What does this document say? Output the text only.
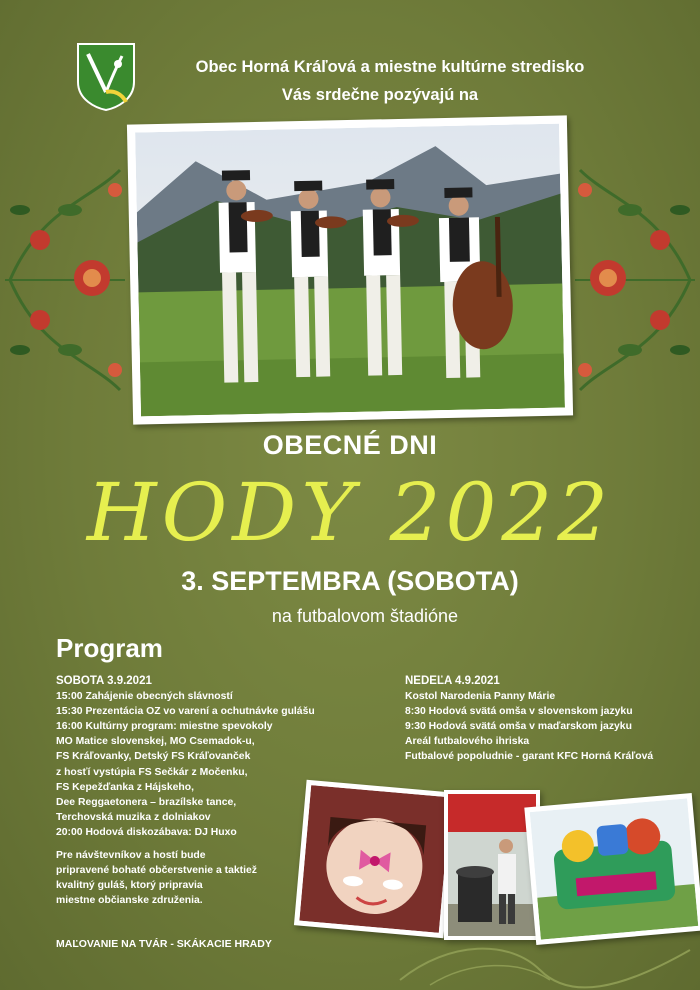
Obec Horná Kráľová a miestne kultúrne stredisko
Vás srdečne pozývajú na
OBECNÉ DNI
HODY 2022
3. SEPTEMBRA (SOBOTA)
na futbalovom štadióne
Program
SOBOTA 3.9.2021
15:00 Zahájenie obecných slávností
15:30 Prezentácia OZ vo varení a ochutnávke gulášu
16:00 Kultúrny program: miestne spevokoly
MO Matice slovenskej, MO Csemadok-u,
FS Kráľovanky, Detský FS Kráľovanček
z hosťí vystúpia FS Sečkár z Močenku,
FS Kepežďanka z Hájskeho,
Dee Reggaetonera – brazílske tance,
Terchovská muzika z dolniakov
20:00 Hodová diskozábava: DJ Huxo
NEDEĽA 4.9.2021
Kostol Narodenia Panny Márie
8:30 Hodová svätá omša v slovenskom jazyku
9:30 Hodová svätá omša v maďarskom jazyku
Areál futbalového ihriska
Futbalové popoludnie - garant KFC Horná Kráľová
Pre návštevníkov a hostí bude
pripravené bohaté občerstvenie a taktiež
kvalitný guláš, ktorý pripravia
miestne občianske združenia.
MAĽOVANIE NA TVÁR - SKÁKACIE HRADY
